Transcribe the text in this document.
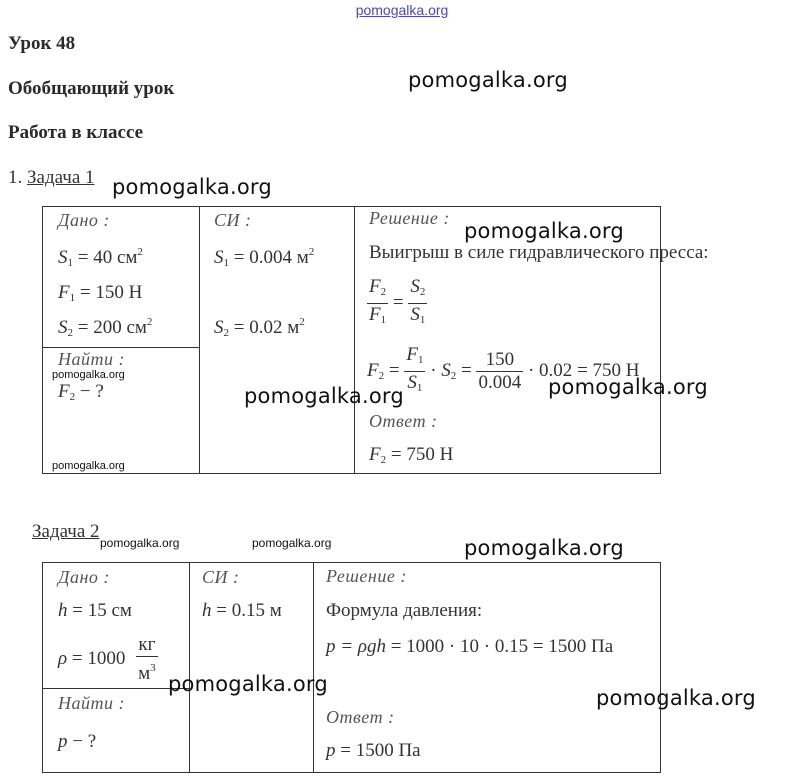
pomogalka.org
Урок 48
Обобщающий урок
Работа в классе
1. Задача 1
Дано :
$S_1 = 40$ $см^2$
$F_1 = 150$ Н
$S_2 = 200$ $см^2$
Найти :
$F_2$ − ?
СИ :
$S_1 = 0.004$ $м^2$
$S_2 = 0.02$ $м^2$
Решение :
Выигрыш в силе гидравлического пресса:
$\frac{F_2}{F_1} = \frac{S_2}{S_1}$
$F_2 = \frac{F_1}{S_1} \cdot S_2 = \frac{150}{0.004} \cdot 0.02 = 750$ Н
Ответ :
$F_2 = 750$ Н
Задача 2
Дано :
h = 15 см
$\rho = 1000 \frac{кг}{м^3}$
Найти :
p − ?
СИ :
h = 0.15 м
Решение :
Формула давления:
p = ρgh = 1000 · 10 · 0.15 = 1500 Па
Ответ :
p = 1500 Па
pomogalka.org
pomogalka.org
pomogalka.org
pomogalka.org	pomogalka.org
pomogalka.org
pomogalka.org
pomogalka.org
pomogalka.org
pomogalka.org
pomogalka.org	pomogalka.org
